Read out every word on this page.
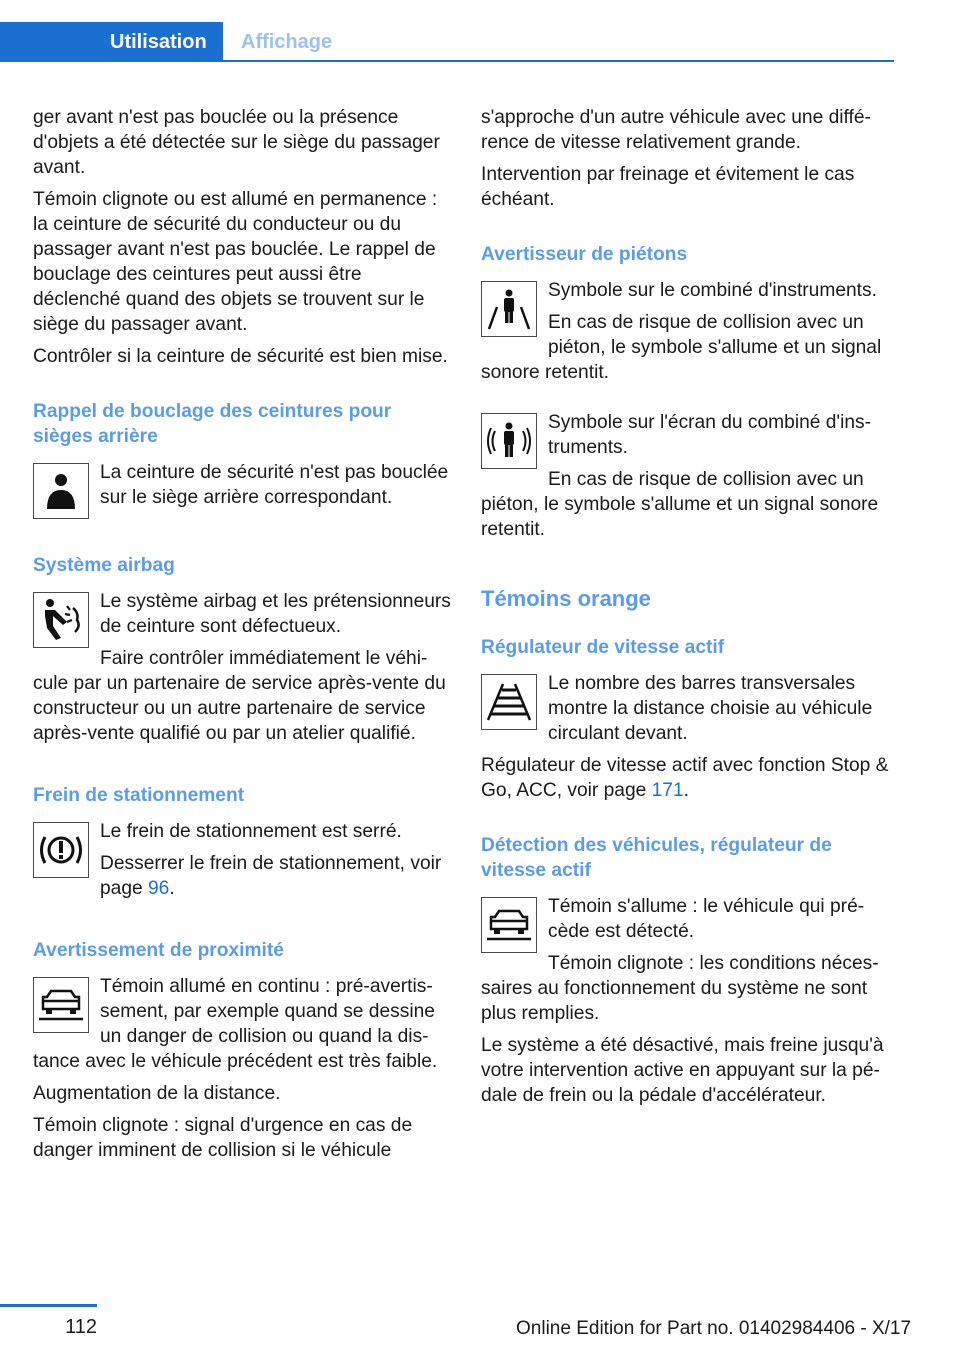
Utilisation	Affichage

ger avant n'est pas bouclée ou la présence d'objets a été détectée sur le siège du passager avant.

Témoin clignote ou est allumé en permanence : la ceinture de sécurité du conducteur ou du passager avant n'est pas bouclée. Le rappel de bouclage des ceintures peut aussi être déclenché quand des objets se trouvent sur le siège du passager avant.

Contrôler si la ceinture de sécurité est bien mise.

Rappel de bouclage des ceintures pour sièges arrière

La ceinture de sécurité n'est pas bouclée sur le siège arrière correspondant.

Système airbag

Le système airbag et les prétensionneurs de ceinture sont défectueux.

Faire contrôler immédiatement le véhicule par un partenaire de service après-vente du constructeur ou un autre partenaire de service après-vente qualifié ou par un atelier qualifié.

Frein de stationnement

Le frein de stationnement est serré.

Desserrer le frein de stationnement, voir page 96.

Avertissement de proximité

Témoin allumé en continu : pré-avertissement, par exemple quand se dessine un danger de collision ou quand la distance avec le véhicule précédent est très faible.

Augmentation de la distance.

Témoin clignote : signal d'urgence en cas de danger imminent de collision si le véhicule

s'approche d'un autre véhicule avec une différence de vitesse relativement grande.

Intervention par freinage et évitement le cas échéant.

Avertisseur de piétons

Symbole sur le combiné d'instruments.

En cas de risque de collision avec un piéton, le symbole s'allume et un signal sonore retentit.

Symbole sur l'écran du combiné d'instruments.

En cas de risque de collision avec un piéton, le symbole s'allume et un signal sonore retentit.

Témoins orange
Régulateur de vitesse actif

Le nombre des barres transversales montre la distance choisie au véhicule circulant devant.

Régulateur de vitesse actif avec fonction Stop & Go, ACC, voir page 171.

Détection des véhicules, régulateur de vitesse actif

Témoin s'allume : le véhicule qui précède est détecté.

Témoin clignote : les conditions nécessaires au fonctionnement du système ne sont plus remplies.

Le système a été désactivé, mais freine jusqu'à votre intervention active en appuyant sur la pédale de frein ou la pédale d'accélérateur.

112	Online Edition for Part no. 01402984406 - X/17
